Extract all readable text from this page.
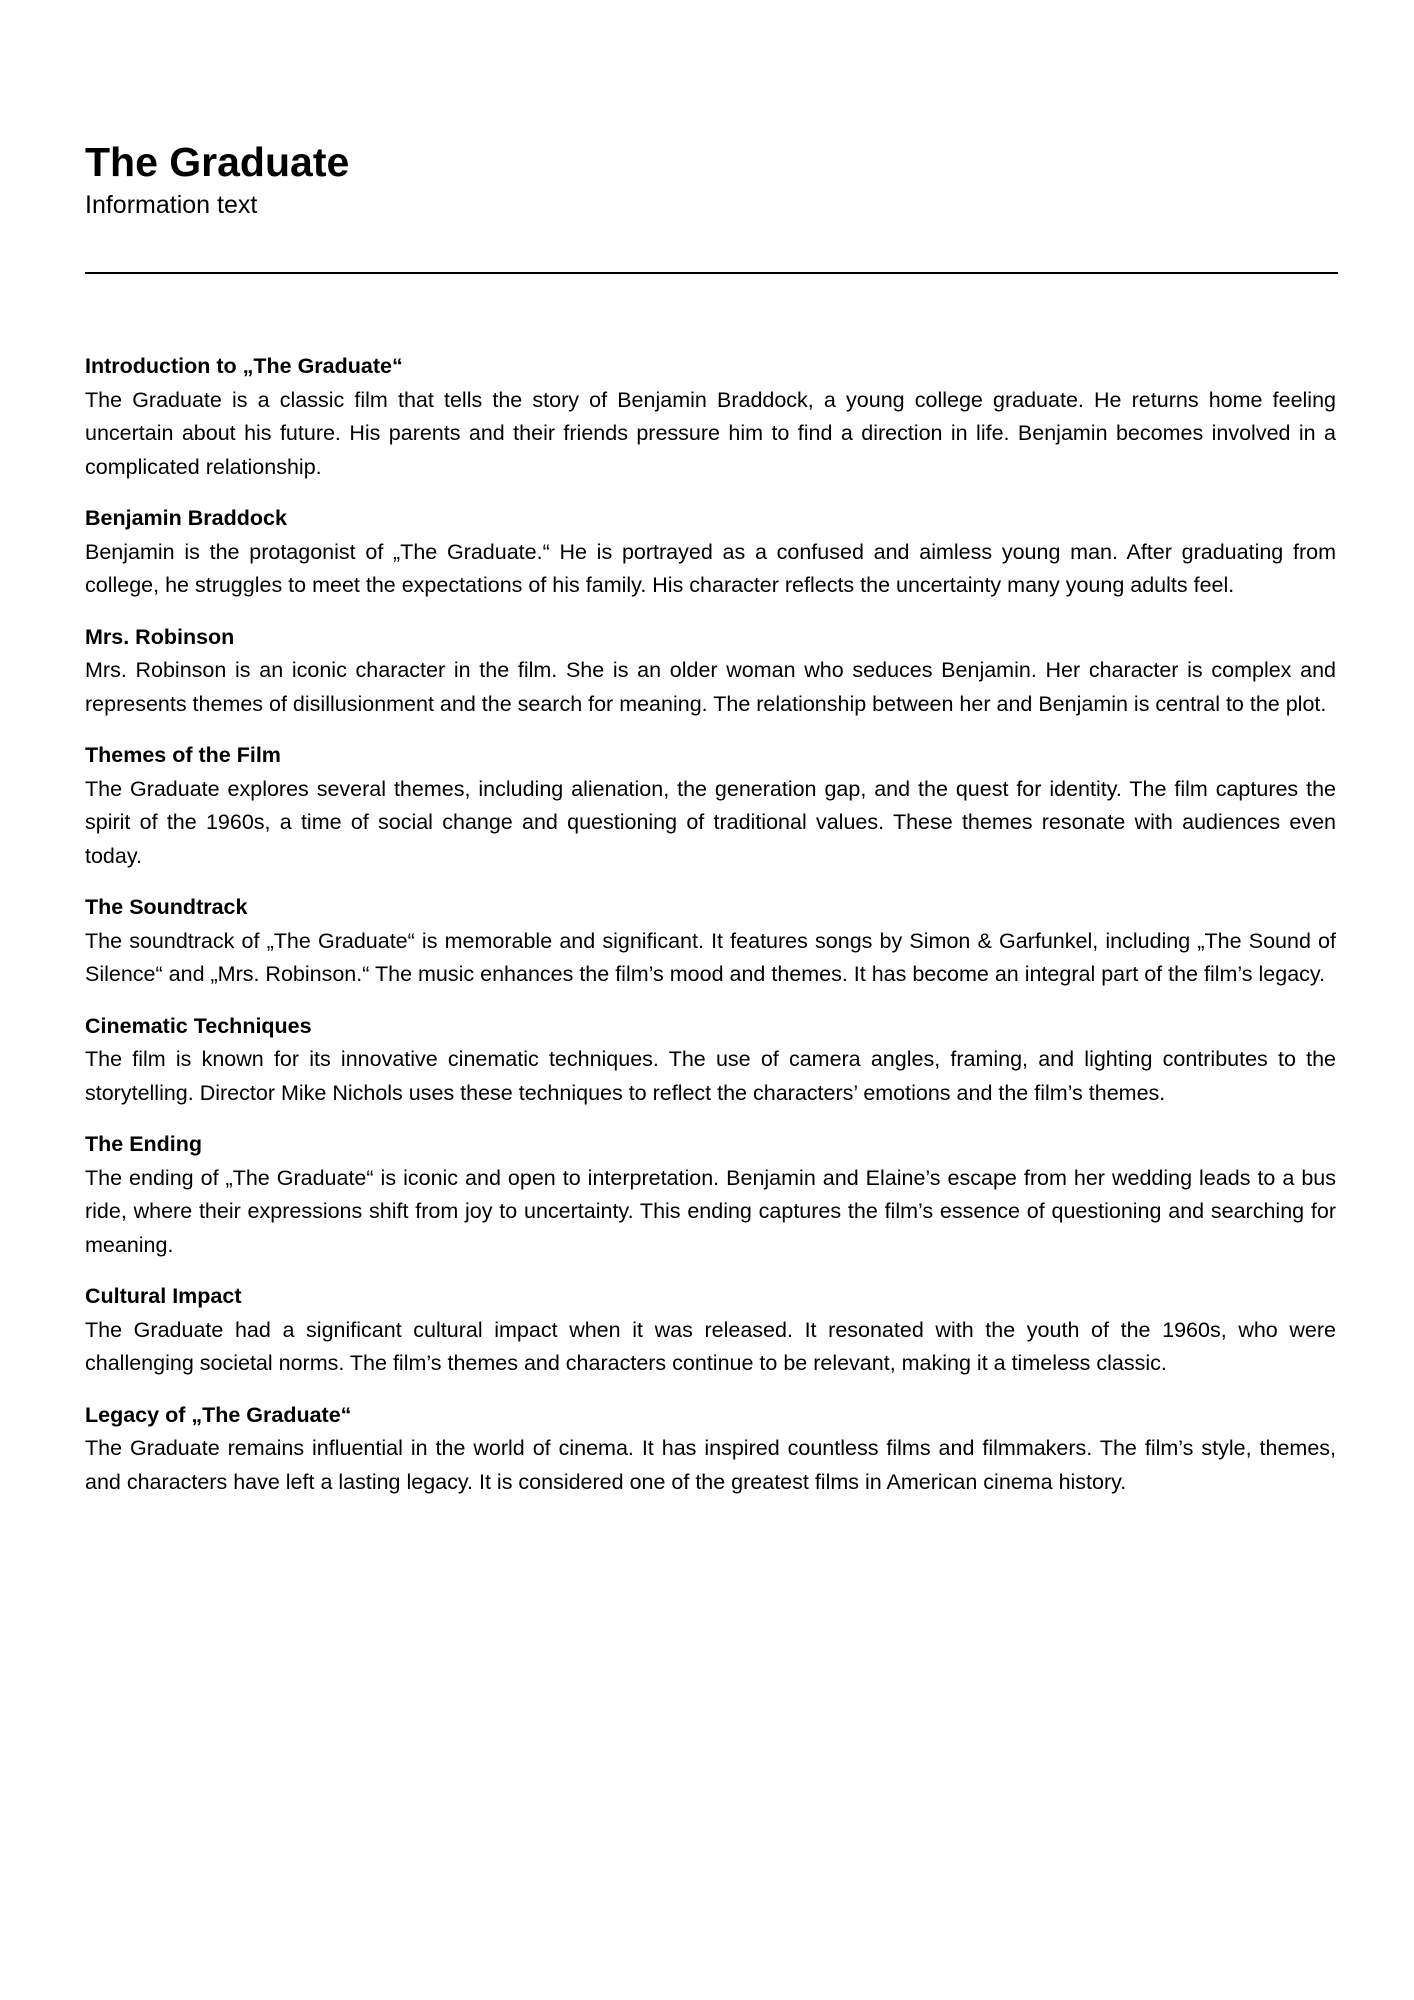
The Graduate

Information text

Introduction to „The Graduate“

The Graduate is a classic film that tells the story of Benjamin Braddock, a young college graduate. He returns home feeling uncertain about his future. His parents and their friends pressure him to find a direction in life. Benjamin becomes involved in a complicated relationship.

Benjamin Braddock

Benjamin is the protagonist of „The Graduate.“ He is portrayed as a confused and aimless young man. After graduating from college, he struggles to meet the expectations of his family. His character reflects the uncertainty many young adults feel.

Mrs. Robinson

Mrs. Robinson is an iconic character in the film. She is an older woman who seduces Benjamin. Her character is complex and represents themes of disillusionment and the search for meaning. The relationship between her and Benjamin is central to the plot.

Themes of the Film

The Graduate explores several themes, including alienation, the generation gap, and the quest for identity. The film captures the spirit of the 1960s, a time of social change and questioning of traditional values. These themes resonate with audiences even today.

The Soundtrack

The soundtrack of „The Graduate“ is memorable and significant. It features songs by Simon & Garfunkel, including „The Sound of Silence“ and „Mrs. Robinson.“ The music enhances the film’s mood and themes. It has become an integral part of the film’s legacy.

Cinematic Techniques

The film is known for its innovative cinematic techniques. The use of camera angles, framing, and lighting contributes to the storytelling. Director Mike Nichols uses these techniques to reflect the characters’ emotions and the film’s themes.

The Ending

The ending of „The Graduate“ is iconic and open to interpretation. Benjamin and Elaine’s escape from her wedding leads to a bus ride, where their expressions shift from joy to uncertainty. This ending captures the film’s essence of questioning and searching for meaning.

Cultural Impact

The Graduate had a significant cultural impact when it was released. It resonated with the youth of the 1960s, who were challenging societal norms. The film’s themes and characters continue to be relevant, making it a timeless classic.

Legacy of „The Graduate“

The Graduate remains influential in the world of cinema. It has inspired countless films and filmmakers. The film’s style, themes, and characters have left a lasting legacy. It is considered one of the greatest films in American cinema history.
